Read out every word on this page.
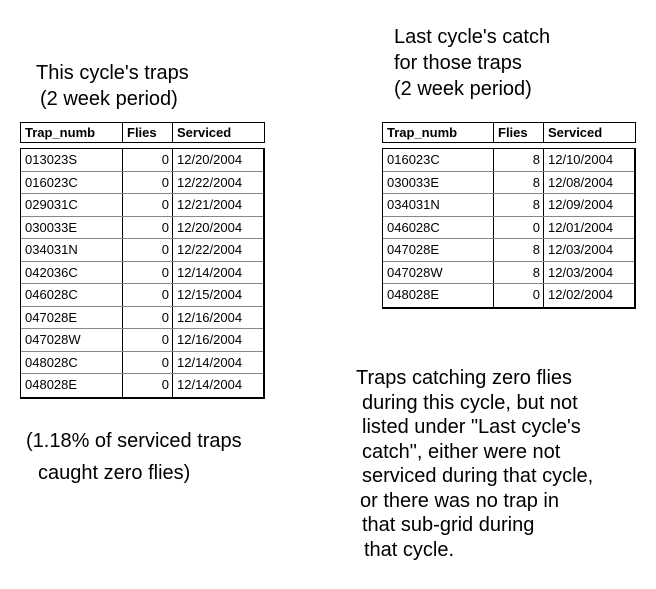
This cycle's traps
(2 week period)
Last cycle's catch
for those traps
(2 week period)
Trap_numb	Flies	Serviced
013023S	0 12/20/2004
016023C	0 12/22/2004
029031C	0 12/21/2004
030033E	0 12/20/2004
034031N	0 12/22/2004
042036C	0 12/14/2004
046028C	0 12/15/2004
047028E	0 12/16/2004
047028W	0 12/16/2004
048028C	0 12/14/2004
048028E	0 12/14/2004
Trap_numb	Flies	Serviced
016023C	8 12/10/2004
030033E	8 12/08/2004
034031N	8 12/09/2004
046028C	0 12/01/2004
047028E	8 12/03/2004
047028W	8 12/03/2004
048028E	0 12/02/2004
(1.18% of serviced traps
caught zero flies)
Traps catching zero flies
during this cycle, but not
listed under "Last cycle's
catch", either were not
serviced during that cycle,
or there was no trap in
that sub-grid during
that cycle.
